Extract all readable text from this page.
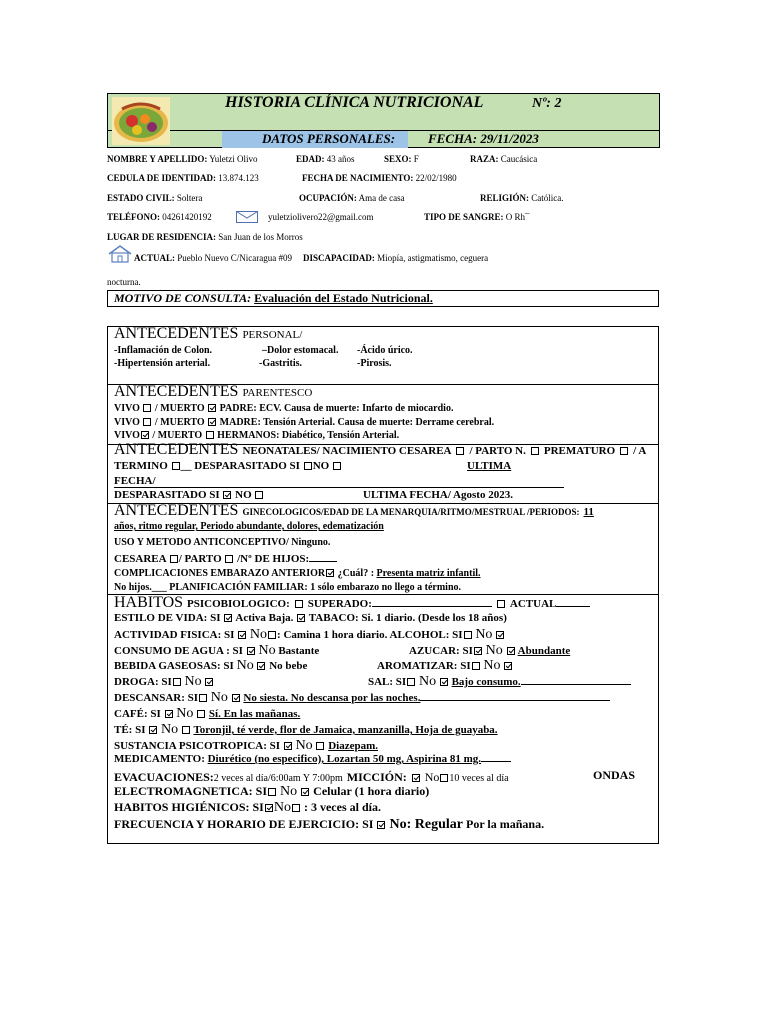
HISTORIA CLÍNICA NUTRICIONAL	Nº: 2
DATOS PERSONALES:	FECHA: 29/11/2023
NOMBRE Y APELLIDO: Yuletzi Olivo	EDAD: 43 años	SEXO: F	RAZA: Caucásica
CEDULA DE IDENTIDAD: 13.874.123	FECHA DE NACIMIENTO: 22/02/1980
ESTADO CIVIL: Soltera	OCUPACIÓN: Ama de casa	RELIGIÓN: Católica.
TELÉFONO: 04261420192	yuletziolivero22@gmail.com	TIPO DE SANGRE: O Rh¯
LUGAR DE RESIDENCIA: San Juan de los Morros
ACTUAL: Pueblo Nuevo C/Nicaragua #09 DISCAPACIDAD: Miopía, astigmatismo, ceguera
nocturna.
MOTIVO DE CONSULTA: Evaluación del Estado Nutricional.
ANTECEDENTES PERSONAL/
-Inflamación de Colon.	–Dolor estomacal. -Ácido úrico.
-Hipertensión arterial.	-Gastritis.	-Pirosis.
ANTECEDENTES PARENTESCO
VIVO / MUERTO PADRE: ECV. Causa de muerte: Infarto de miocardio.
VIVO / MUERTO MADRE: Tensión Arterial. Causa de muerte: Derrame cerebral.
VIVO / MUERTO HERMANOS: Diabético, Tensión Arterial.
ANTECEDENTES NEONATALES/ NACIMIENTO CESAREA / PARTO N. PREMATURO / A
TERMINO __ DESPARASITADO SI NO	ULTIMA
FECHA/
DESPARASITADO SI NO	ULTIMA FECHA/ Agosto 2023.
ANTECEDENTES GINECOLOGICOS/EDAD DE LA MENARQUIA/RITMO/MESTRUAL /PERIODOS: 11
años, ritmo regular, Periodo abundante, dolores, edematización
USO Y METODO ANTICONCEPTIVO/ Ninguno.
CESAREA / PARTO /Nº DE HIJOS:
COMPLICACIONES EMBARAZO ANTERIOR ¿Cuál? : Presenta matriz infantil.
No hijos.___ PLANIFICACIÓN FAMILIAR: 1 sólo embarazo no llego a término.
HABITOS PSICOBIOLOGICO: SUPERADO:	ACTUAL
ESTILO DE VIDA: SI Activa Baja. TABACO: Si. 1 diario. (Desde los 18 años)
ACTIVIDAD FISICA: SI No : Camina 1 hora diario. ALCOHOL: SI No
CONSUMO DE AGUA : SI No Bastante	AZUCAR: SI No Abundante
BEBIDA GASEOSAS: SI No No bebe	AROMATIZAR: SI No
DROGA: SI No	SAL: SI No Bajo consumo.
DESCANSAR: SI No No siesta. No descansa por las noches.
CAFÉ: SI No Sí. En las mañanas.
TÉ: SI No Toronjil, té verde, flor de Jamaica, manzanilla, Hoja de guayaba.
SUSTANCIA PSICOTROPICA: SI No Diazepam.
MEDICAMENTO: Diurético (no especifico), Lozartan 50 mg, Aspirina 81 mg.
EVACUACIONES:2 veces al día/6:00am Y 7:00pm MICCIÓN: No 10 veces al día	ONDAS
ELECTROMAGNETICA: SI No Celular (1 hora diario)
HABITOS HIGIÉNICOS: SI No : 3 veces al día.
FRECUENCIA Y HORARIO DE EJERCICIO: SI No: Regular Por la mañana.
